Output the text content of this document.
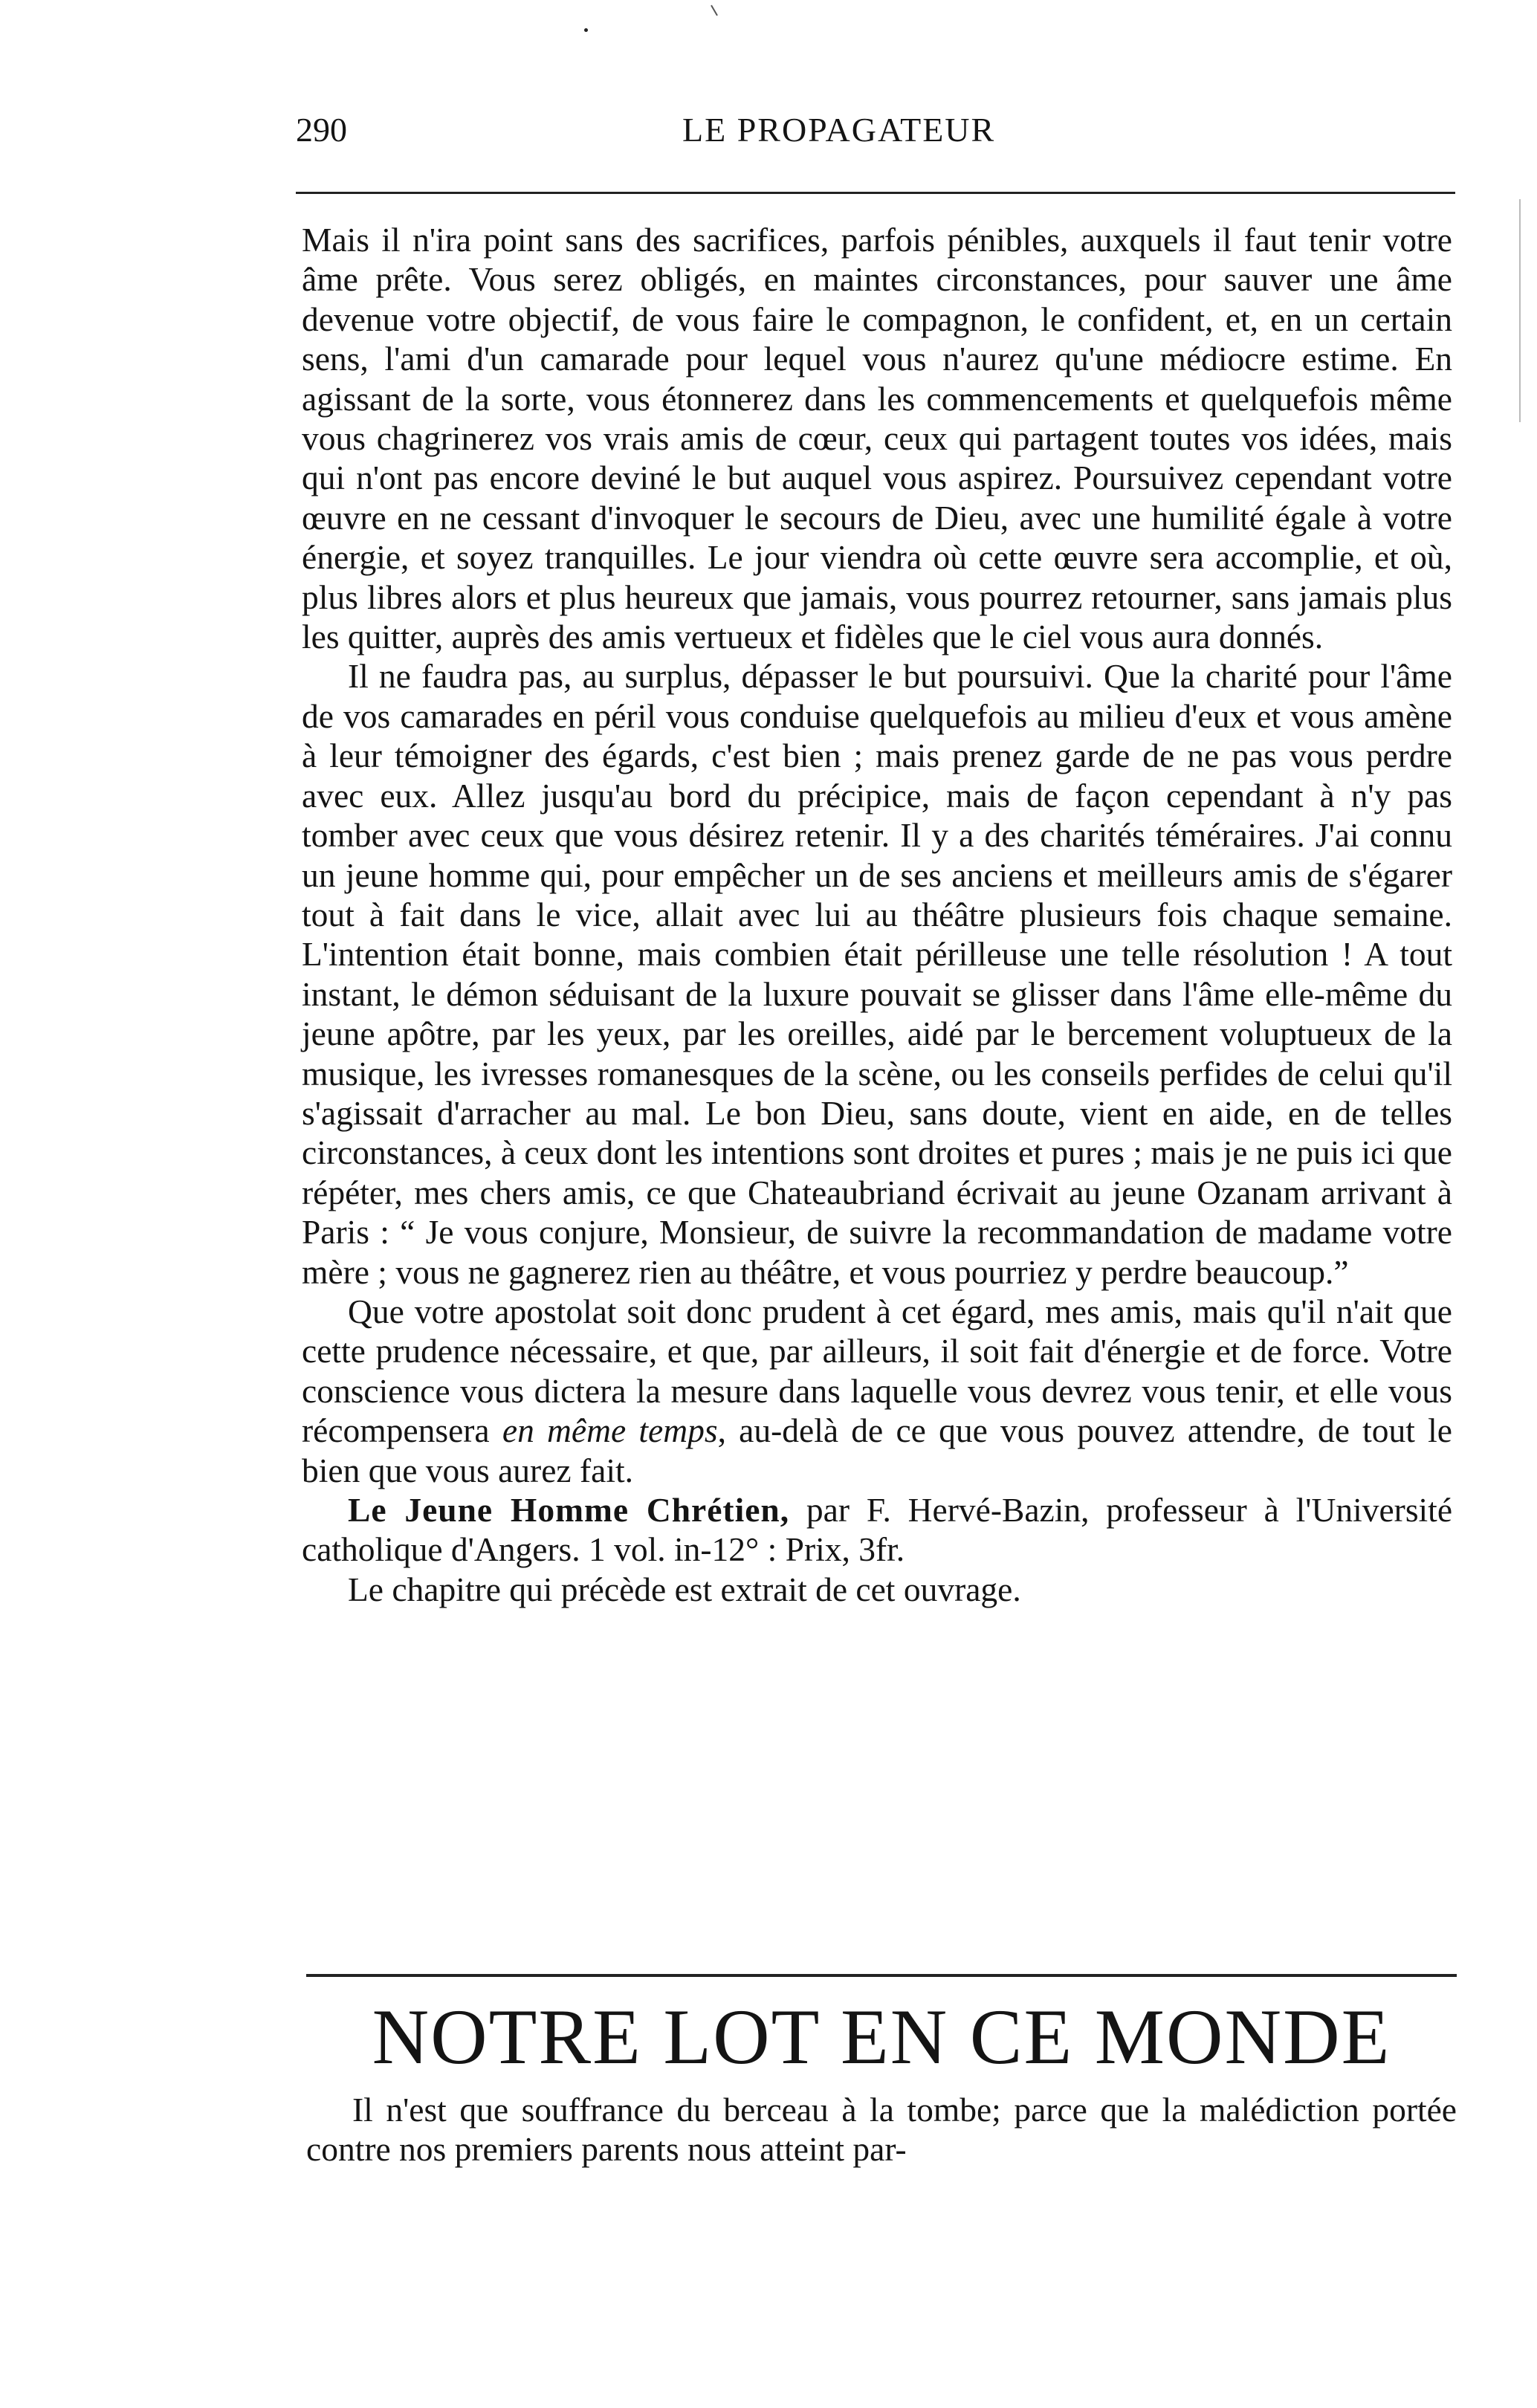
290	LE PROPAGATEUR

Mais il n'ira point sans des sacrifices, parfois pénibles, auxquels il faut tenir votre âme prête. Vous serez obligés, en maintes circonstances, pour sauver une âme devenue votre objectif, de vous faire le compagnon, le confident, et, en un certain sens, l'ami d'un camarade pour lequel vous n'aurez qu'une médiocre estime. En agissant de la sorte, vous étonnerez dans les commencements et quelquefois même vous chagrinerez vos vrais amis de cœur, ceux qui partagent toutes vos idées, mais qui n'ont pas encore deviné le but auquel vous aspirez. Poursuivez cependant votre œuvre en ne cessant d'invoquer le secours de Dieu, avec une humilité égale à votre énergie, et soyez tranquilles. Le jour viendra où cette œuvre sera accomplie, et où, plus libres alors et plus heureux que jamais, vous pourrez retourner, sans jamais plus les quitter, auprès des amis vertueux et fidèles que le ciel vous aura donnés.

Il ne faudra pas, au surplus, dépasser le but poursuivi. Que la charité pour l'âme de vos camarades en péril vous conduise quelquefois au milieu d'eux et vous amène à leur témoigner des égards, c'est bien ; mais prenez garde de ne pas vous perdre avec eux. Allez jusqu'au bord du précipice, mais de façon cependant à n'y pas tomber avec ceux que vous désirez retenir. Il y a des charités téméraires. J'ai connu un jeune homme qui, pour empêcher un de ses anciens et meilleurs amis de s'égarer tout à fait dans le vice, allait avec lui au théâtre plusieurs fois chaque semaine. L'intention était bonne, mais combien était périlleuse une telle résolution ! A tout instant, le démon séduisant de la luxure pouvait se glisser dans l'âme elle-même du jeune apôtre, par les yeux, par les oreilles, aidé par le bercement voluptueux de la musique, les ivresses romanesques de la scène, ou les conseils perfides de celui qu'il s'agissait d'arracher au mal. Le bon Dieu, sans doute, vient en aide, en de telles circonstances, à ceux dont les intentions sont droites et pures ; mais je ne puis ici que répéter, mes chers amis, ce que Chateaubriand écrivait au jeune Ozanam arrivant à Paris : “ Je vous conjure, Monsieur, de suivre la recommandation de madame votre mère ; vous ne gagnerez rien au théâtre, et vous pourriez y perdre beaucoup.”

Que votre apostolat soit donc prudent à cet égard, mes amis, mais qu'il n'ait que cette prudence nécessaire, et que, par ailleurs, il soit fait d'énergie et de force. Votre conscience vous dictera la mesure dans laquelle vous devrez vous tenir, et elle vous récompensera en même temps, au-delà de ce que vous pouvez attendre, de tout le bien que vous aurez fait.

Le Jeune Homme Chrétien, par F. Hervé-Bazin, professeur à l'Université catholique d'Angers. 1 vol. in-12° : Prix, 3fr.

Le chapitre qui précède est extrait de cet ouvrage.

NOTRE LOT EN CE MONDE

Il n'est que souffrance du berceau à la tombe; parce que la malédiction portée contre nos premiers parents nous atteint par-
